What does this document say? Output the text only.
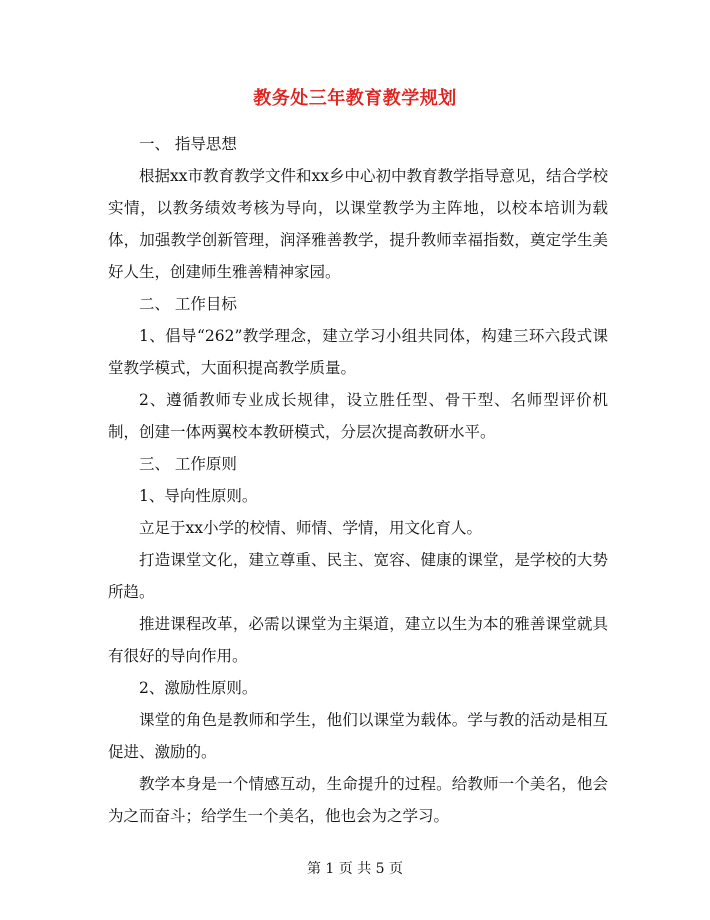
教务处三年教育教学规划

一、 指导思想

根据xx市教育教学文件和xx乡中心初中教育教学指导意见，结合学校实情，以教务绩效考核为导向，以课堂教学为主阵地，以校本培训为载体，加强教学创新管理，润泽雅善教学，提升教师幸福指数，奠定学生美好人生，创建师生雅善精神家园。

二、 工作目标

1、倡导“262”教学理念，建立学习小组共同体，构建三环六段式课堂教学模式，大面积提高教学质量。

2、遵循教师专业成长规律，设立胜任型、骨干型、名师型评价机制，创建一体两翼校本教研模式，分层次提高教研水平。

三、 工作原则

1、导向性原则。

立足于xx小学的校情、师情、学情，用文化育人。

打造课堂文化，建立尊重、民主、宽容、健康的课堂，是学校的大势所趋。

推进课程改革，必需以课堂为主渠道，建立以生为本的雅善课堂就具有很好的导向作用。

2、激励性原则。

课堂的角色是教师和学生，他们以课堂为载体。学与教的活动是相互促进、激励的。

教学本身是一个情感互动，生命提升的过程。给教师一个美名，他会为之而奋斗；给学生一个美名，他也会为之学习。

第 1 页 共 5 页
